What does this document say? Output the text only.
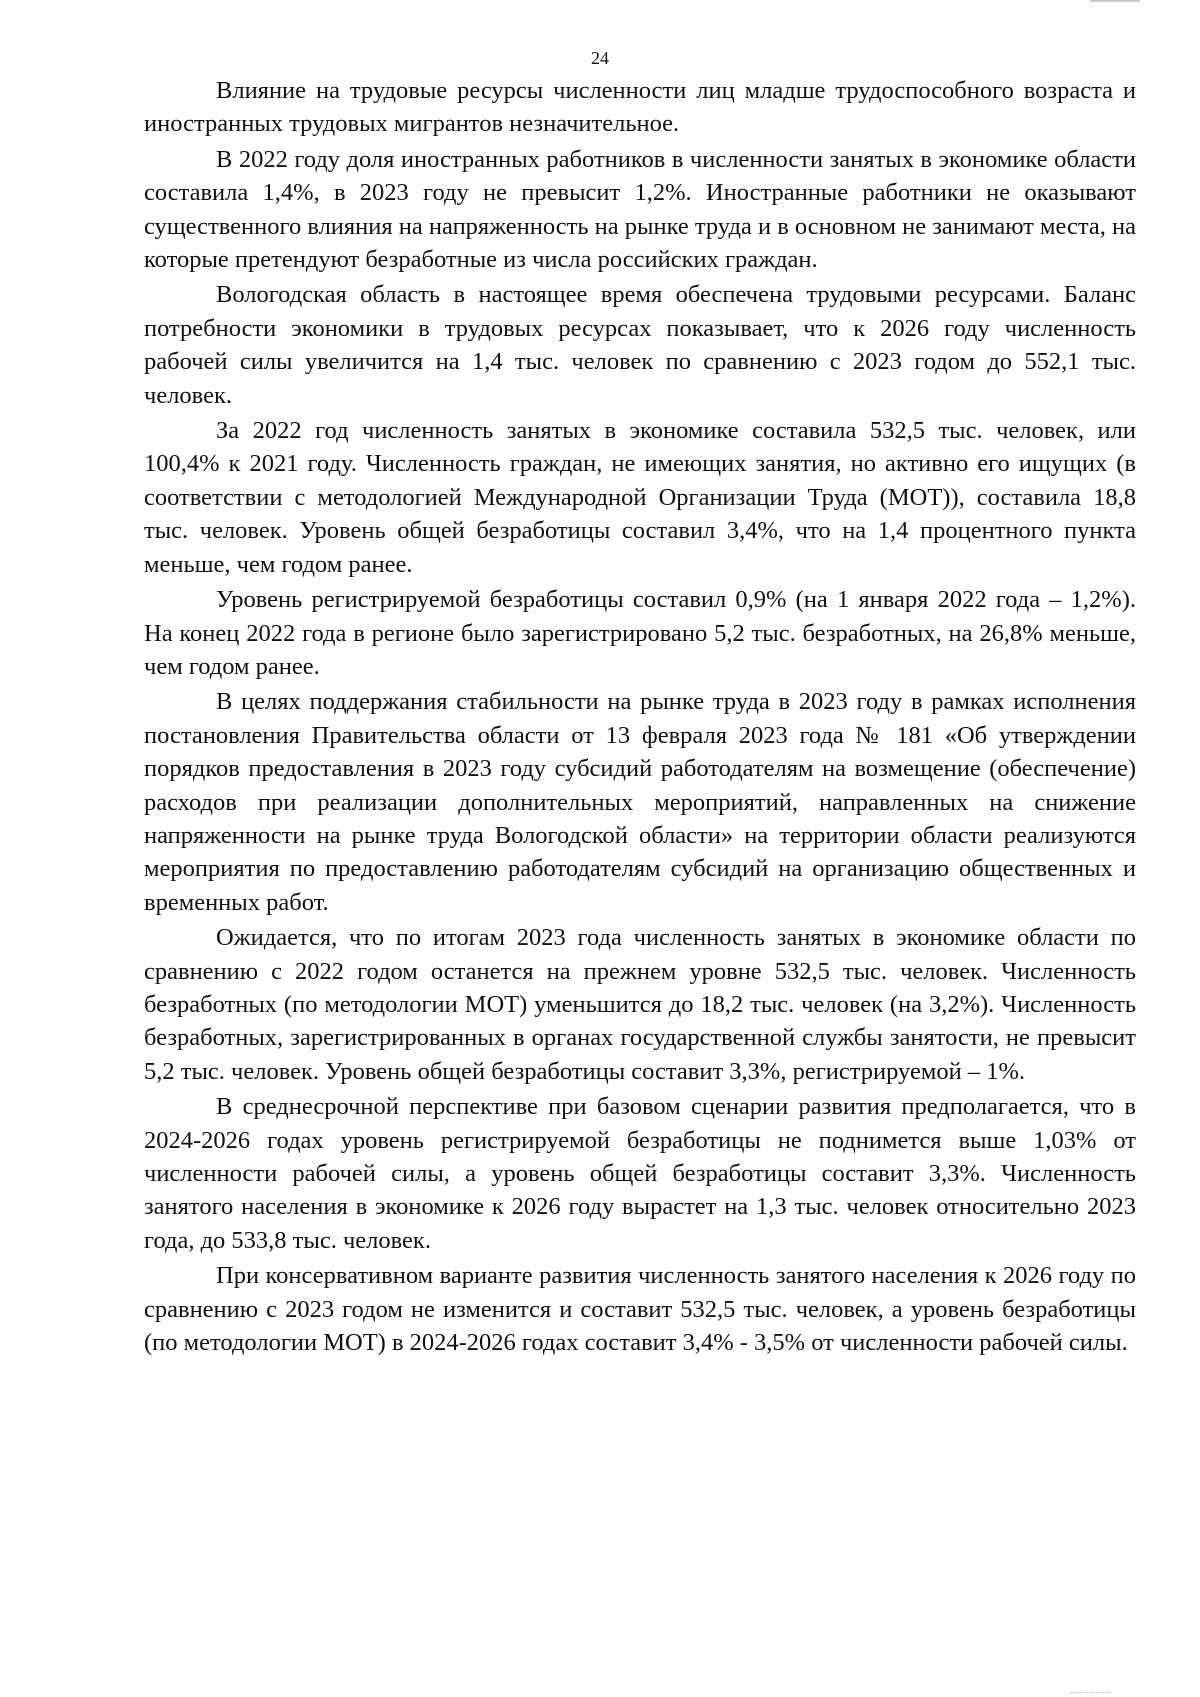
24

Влияние на трудовые ресурсы численности лиц младше трудоспособного возраста и иностранных трудовых мигрантов незначительное.

В 2022 году доля иностранных работников в численности занятых в экономике области составила 1,4%, в 2023 году не превысит 1,2%. Иностранные работники не оказывают существенного влияния на напряженность на рынке труда и в основном не занимают места, на которые претендуют безработные из числа российских граждан.

Вологодская область в настоящее время обеспечена трудовыми ресурсами. Баланс потребности экономики в трудовых ресурсах показывает, что к 2026 году численность рабочей силы увеличится на 1,4 тыс. человек по сравнению с 2023 годом до 552,1 тыс. человек.

За 2022 год численность занятых в экономике составила 532,5 тыс. человек, или 100,4% к 2021 году. Численность граждан, не имеющих занятия, но активно его ищущих (в соответствии с методологией Международной Организации Труда (МОТ)), составила 18,8 тыс. человек. Уровень общей безработицы составил 3,4%, что на 1,4 процентного пункта меньше, чем годом ранее.

Уровень регистрируемой безработицы составил 0,9% (на 1 января 2022 года – 1,2%). На конец 2022 года в регионе было зарегистрировано 5,2 тыс. безработных, на 26,8% меньше, чем годом ранее.

В целях поддержания стабильности на рынке труда в 2023 году в рамках исполнения постановления Правительства области от 13 февраля 2023 года № 181 «Об утверждении порядков предоставления в 2023 году субсидий работодателям на возмещение (обеспечение) расходов при реализации дополнительных мероприятий, направленных на снижение напряженности на рынке труда Вологодской области» на территории области реализуются мероприятия по предоставлению работодателям субсидий на организацию общественных и временных работ.

Ожидается, что по итогам 2023 года численность занятых в экономике области по сравнению с 2022 годом останется на прежнем уровне 532,5 тыс. человек. Численность безработных (по методологии МОТ) уменьшится до 18,2 тыс. человек (на 3,2%). Численность безработных, зарегистрированных в органах государственной службы занятости, не превысит 5,2 тыс. человек. Уровень общей безработицы составит 3,3%, регистрируемой – 1%.

В среднесрочной перспективе при базовом сценарии развития предполагается, что в 2024-2026 годах уровень регистрируемой безработицы не поднимется выше 1,03% от численности рабочей силы, а уровень общей безработицы составит 3,3%. Численность занятого населения в экономике к 2026 году вырастет на 1,3 тыс. человек относительно 2023 года, до 533,8 тыс. человек.

При консервативном варианте развития численность занятого населения к 2026 году по сравнению с 2023 годом не изменится и составит 532,5 тыс. человек, а уровень безработицы (по методологии МОТ) в 2024-2026 годах составит 3,4% - 3,5% от численности рабочей силы.
